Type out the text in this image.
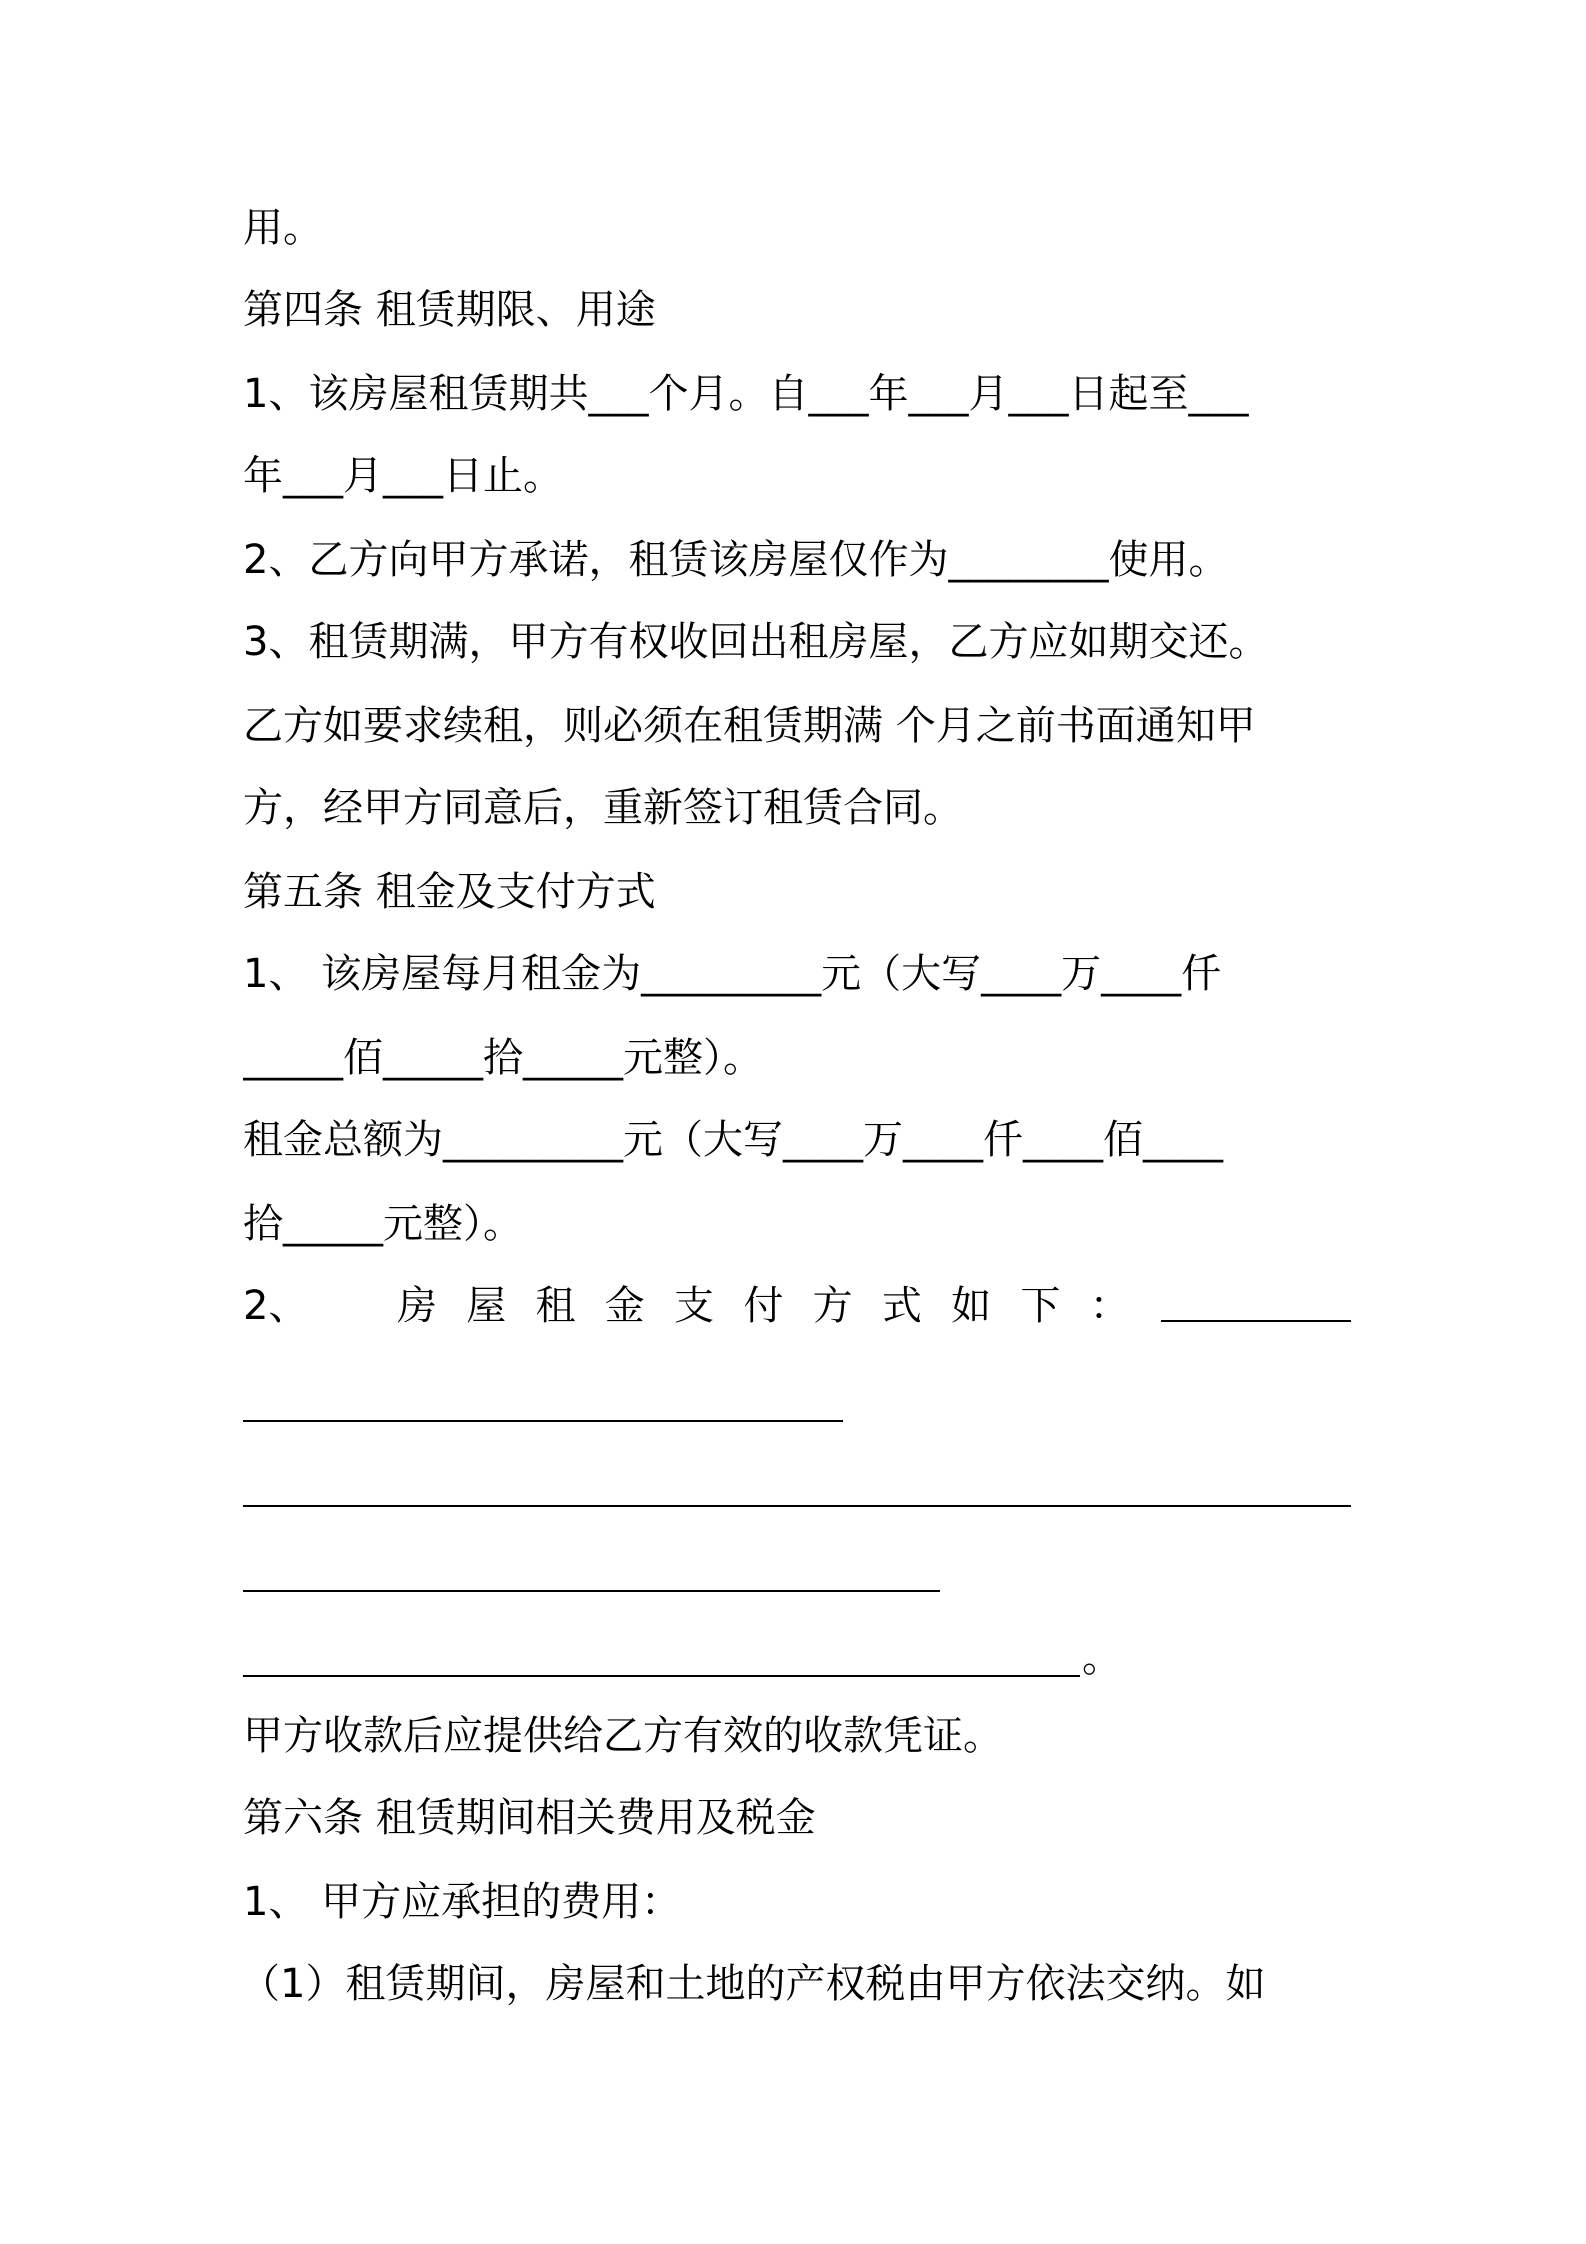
用。
第四条 租赁期限、用途
1、该房屋租赁期共___个月。自___年___月___日起至___
年___月___日止。
2、乙方向甲方承诺，租赁该房屋仅作为________使用。
3、租赁期满，甲方有权收回出租房屋，乙方应如期交还。
乙方如要求续租，则必须在租赁期满 个月之前书面通知甲
方，经甲方同意后，重新签订租赁合同。
第五条 租金及支付方式
1、 该房屋每月租金为_________元（大写____万____仟
_____佰_____拾_____元整）。
租金总额为_________元（大写____万____仟____佰____
拾_____元整）。
2、 房 屋 租 金 支 付 方 式 如 下 ：
。
甲方收款后应提供给乙方有效的收款凭证。
第六条 租赁期间相关费用及税金
1、 甲方应承担的费用：
（1）租赁期间，房屋和土地的产权税由甲方依法交纳。如
